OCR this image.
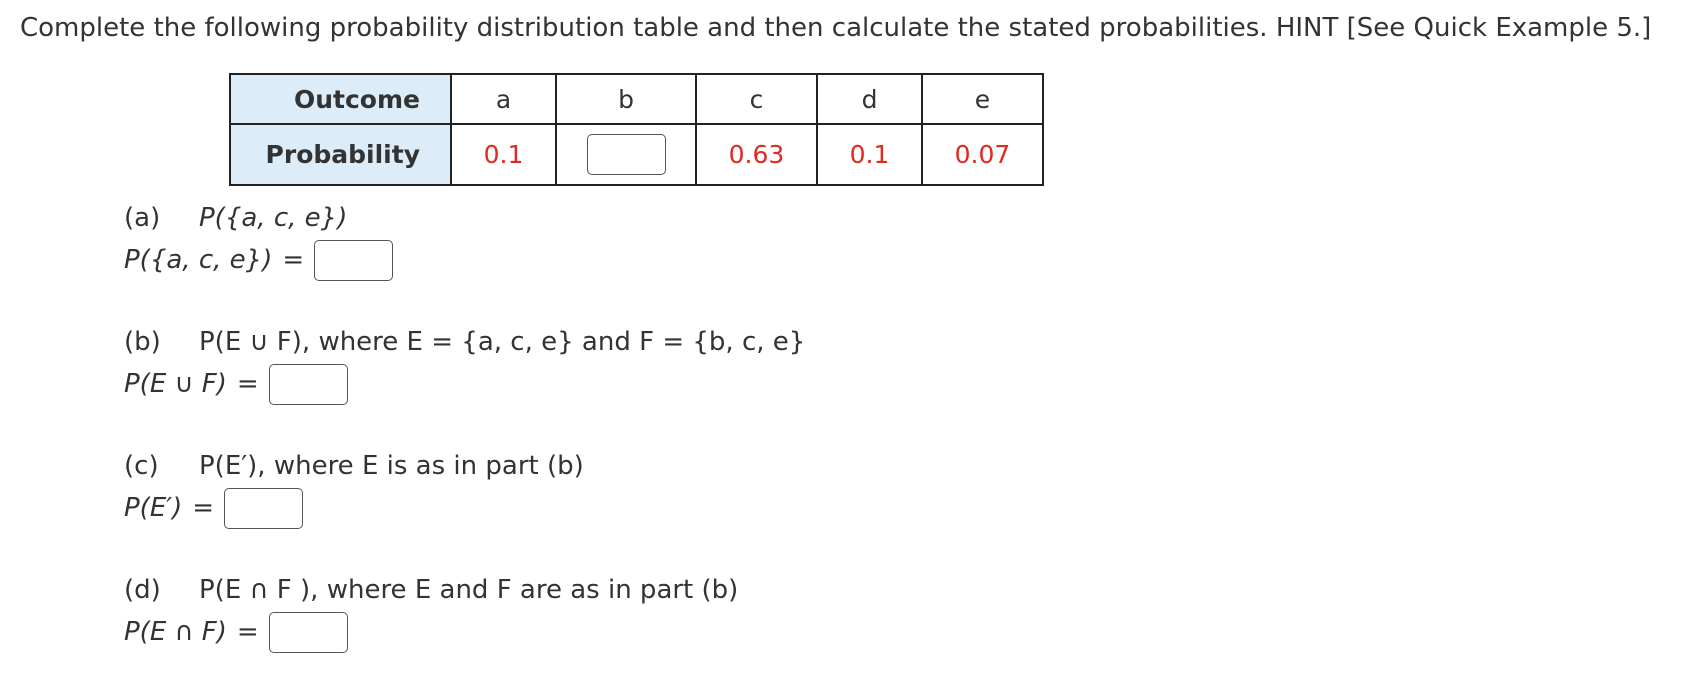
Complete the following probability distribution table and then calculate the stated probabilities. HINT [See Quick Example 5.]
Outcome	a	b	c	d	e
Probability	0.1		0.63	0.1	0.07
(a) P({a, c, e})
P({a, c, e}) =
(b) P(E ∪ F), where E = {a, c, e} and F = {b, c, e}
P(E ∪ F) =
(c) P(E′), where E is as in part (b)
P(E′) =
(d) P(E ∩ F ), where E and F are as in part (b)
P(E ∩ F) =
